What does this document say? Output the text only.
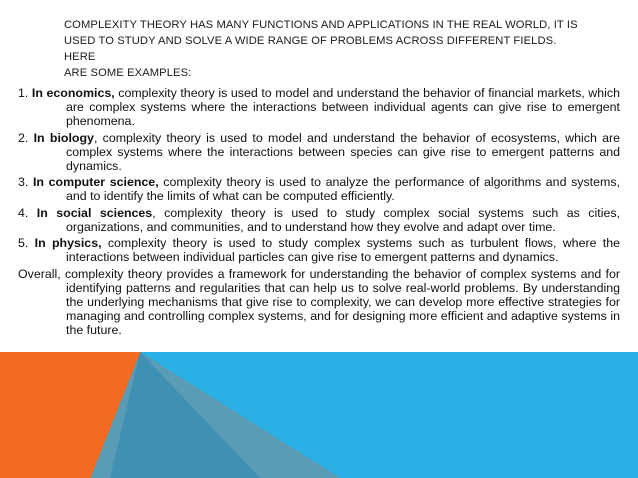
COMPLEXITY THEORY HAS MANY FUNCTIONS AND APPLICATIONS IN THE REAL WORLD, IT IS
USED TO STUDY AND SOLVE A WIDE RANGE OF PROBLEMS ACROSS DIFFERENT FIELDS. HERE
ARE SOME EXAMPLES:

1. In economics, complexity theory is used to model and understand the behavior of financial markets, which are complex systems where the interactions between individual agents can give rise to emergent phenomena.

2. In biology, complexity theory is used to model and understand the behavior of ecosystems, which are complex systems where the interactions between species can give rise to emergent patterns and dynamics.

3. In computer science, complexity theory is used to analyze the performance of algorithms and systems, and to identify the limits of what can be computed efficiently.

4. In social sciences, complexity theory is used to study complex social systems such as cities, organizations, and communities, and to understand how they evolve and adapt over time.

5. In physics, complexity theory is used to study complex systems such as turbulent flows, where the interactions between individual particles can give rise to emergent patterns and dynamics.

Overall, complexity theory provides a framework for understanding the behavior of complex systems and for identifying patterns and regularities that can help us to solve real-world problems. By understanding the underlying mechanisms that give rise to complexity, we can develop more effective strategies for managing and controlling complex systems, and for designing more efficient and adaptive systems in the future.
